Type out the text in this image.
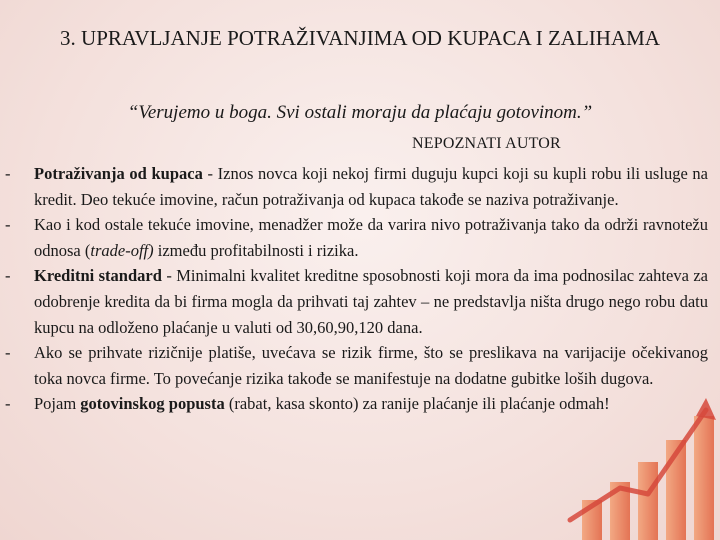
3. UPRAVLJANJE POTRAŽIVANJIMA OD KUPACA I ZALIHAMA
“Verujemo u boga. Svi ostali moraju da plaćaju gotovinom.”
NEPOZNATI AUTOR
- Potraživanja od kupaca - Iznos novca koji nekoj firmi duguju kupci koji su kupli robu ili usluge na kredit. Deo tekuće imovine, račun potraživanja od kupaca takođe se naziva potraživanje.
- Kao i kod ostale tekuće imovine, menadžer može da varira nivo potraživanja tako da održi ravnotežu odnosa (trade-off) između profitabilnosti i rizika.
- Kreditni standard - Minimalni kvalitet kreditne sposobnosti koji mora da ima podnosilac zahteva za odobrenje kredita da bi firma mogla da prihvati taj zahtev – ne predstavlja ništa drugo nego robu datu kupcu na odloženo plaćanje u valuti od 30,60,90,120 dana.
- Ako se prihvate rizičnije platiše, uvećava se rizik firme, što se preslikava na varijacije očekivanog toka novca firme. To povećanje rizika takođe se manifestuje na dodatne gubitke loših dugova.
- Pojam gotovinskog popusta (rabat, kasa skonto) za ranije plaćanje ili plaćanje odmah!
